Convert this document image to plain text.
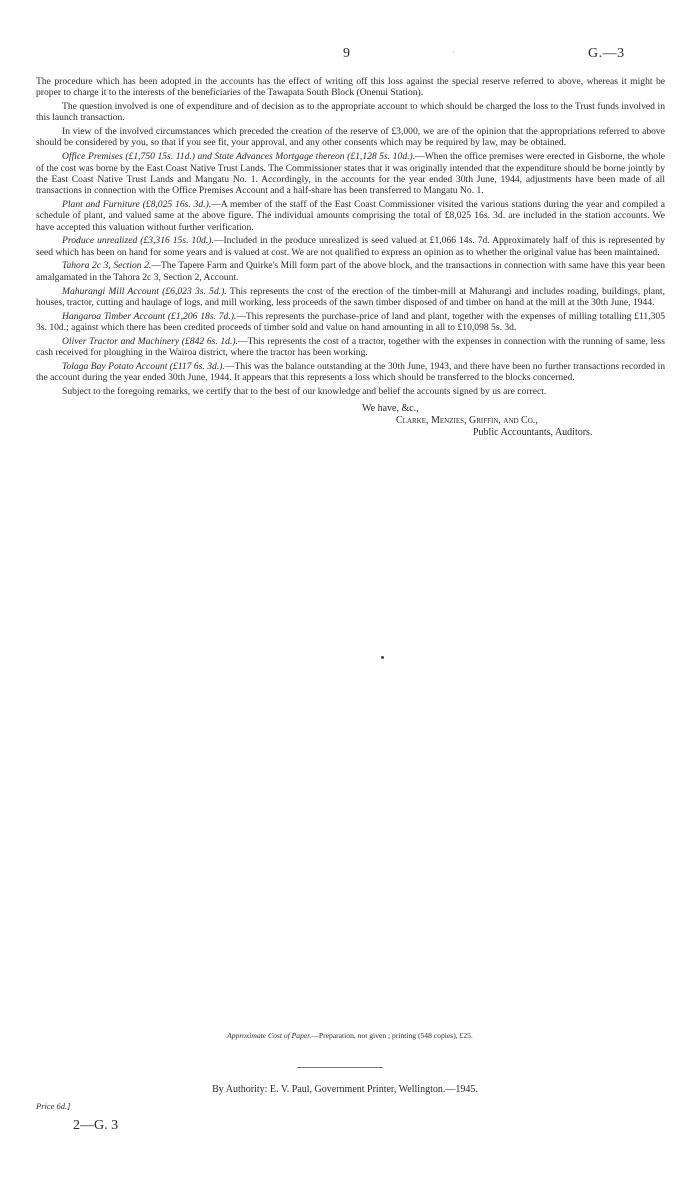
9	·	G.—3

The procedure which has been adopted in the accounts has the effect of writing off this loss against the special reserve referred to above, whereas it might be proper to charge it to the interests of the beneficiaries of the Tawapata South Block (Onenui Station).

The question involved is one of expenditure and of decision as to the appropriate account to which should be charged the loss to the Trust funds involved in this launch transaction.

In view of the involved circumstances which preceded the creation of the reserve of £3,000, we are of the opinion that the appropriations referred to above should be considered by you, so that if you see fit, your approval, and any other consents which may be required by law, may be obtained.

Office Premises (£1,750 15s. 11d.) and State Advances Mortgage thereon (£1,128 5s. 10d.).—When the office premises were erected in Gisborne, the whole of the cost was borne by the East Coast Native Trust Lands. The Commissioner states that it was originally intended that the expenditure should be borne jointly by the East Coast Native Trust Lands and Mangatu No. 1. Accordingly, in the accounts for the year ended 30th June, 1944, adjustments have been made of all transactions in connection with the Office Premises Account and a half-share has been transferred to Mangatu No. 1.

Plant and Furniture (£8,025 16s. 3d.).—A member of the staff of the East Coast Commissioner visited the various stations during the year and compiled a schedule of plant, and valued same at the above figure. The individual amounts comprising the total of £8,025 16s. 3d. are included in the station accounts. We have accepted this valuation without further verification.

Produce unrealized (£3,316 15s. 10d.).—Included in the produce unrealized is seed valued at £1,066 14s. 7d. Approximately half of this is represented by seed which has been on hand for some years and is valued at cost. We are not qualified to express an opinion as to whether the original value has been maintained.

Tahora 2c 3, Section 2.—The Tapere Farm and Quirke's Mill form part of the above block, and the transactions in connection with same have this year been amalgamated in the Tahora 2c 3, Section 2, Account.

Mahurangi Mill Account (£6,023 3s. 5d.). This represents the cost of the erection of the timber-mill at Mahurangi and includes roading, buildings, plant, houses, tractor, cutting and haulage of logs, and mill working, less proceeds of the sawn timber disposed of and timber on hand at the mill at the 30th June, 1944.

Hangaroa Timber Account (£1,206 18s. 7d.).—This represents the purchase-price of land and plant, together with the expenses of milling totalling £11,305 3s. 10d.; against which there has been credited proceeds of timber sold and value on hand amounting in all to £10,098 5s. 3d.

Oliver Tractor and Machinery (£842 6s. 1d.).—This represents the cost of a tractor, together with the expenses in connection with the running of same, less cash received for ploughing in the Wairoa district, where the tractor has been working.

Tolaga Bay Potato Account (£117 6s. 3d.).—This was the balance outstanding at the 30th June, 1943, and there have been no further transactions recorded in the account during the year ended 30th June, 1944. It appears that this represents a loss which should be transferred to the blocks concerned.

Subject to the foregoing remarks, we certify that to the best of our knowledge and belief the accounts signed by us are correct.

We have, &c.,
Clarke, Menzies, Griffin, and Co.,
Public Accountants, Auditors.
Approximate Cost of Paper.—Preparation, not given ; printing (548 copies), £25.
By Authority: E. V. Paul, Government Printer, Wellington.—1945.
Price 6d.]
2—G. 3
